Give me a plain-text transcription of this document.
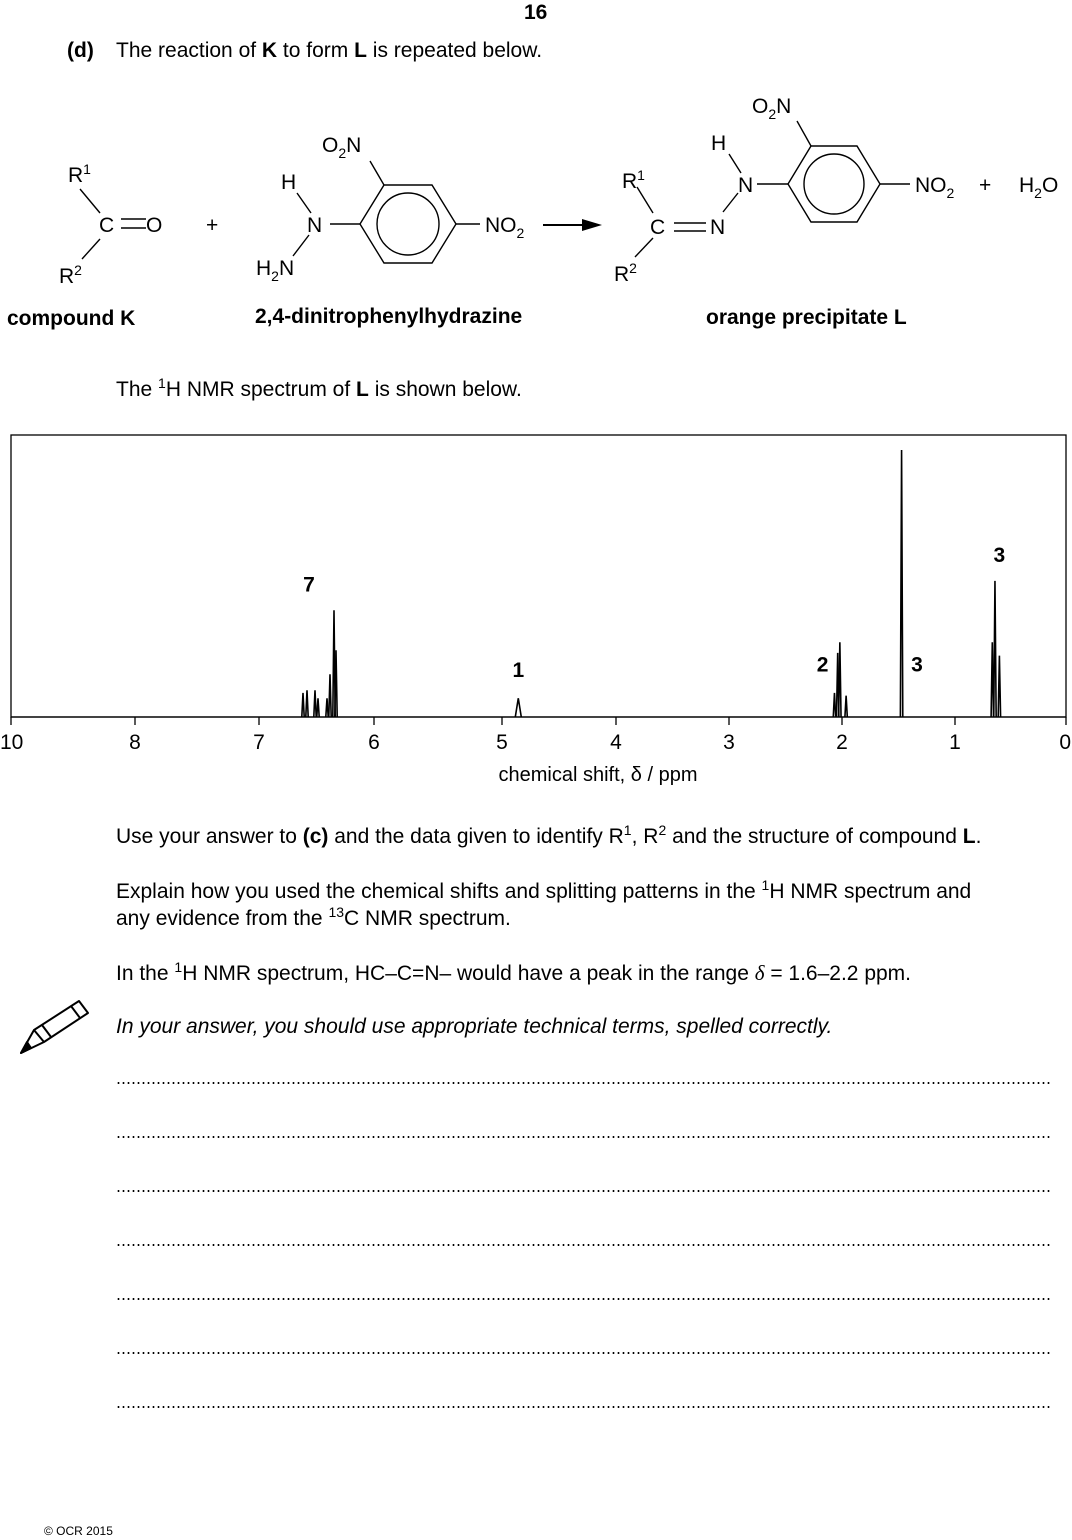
16
(d) The reaction of K to form L is repeated below.
$R^1$
C O
$R^2$
+
$O_2N$
H
N
$H_2N$
$NO_2$
$O_2N$
H
N
$R^1$
C N
$R^2$
$NO_2 + H_2O$
compound K	2,4-dinitrophenylhydrazine	orange precipitate L
The $^1$H NMR spectrum of L is shown below.
10	8	7	6	5	4	3	2	1	0
7
1	2	3
3
chemical shift, δ / ppm
Use your answer to (c) and the data given to identify $R^1$, $R^2$ and the structure of compound L.
Explain how you used the chemical shifts and splitting patterns in the $^1$H NMR spectrum and
any evidence from the $^{13}$C NMR spectrum.
In the $^1$H NMR spectrum, HC–C=N– would have a peak in the range δ = 1.6–2.2 ppm.
In your answer, you should use appropriate technical terms, spelled correctly.
© OCR 2015
